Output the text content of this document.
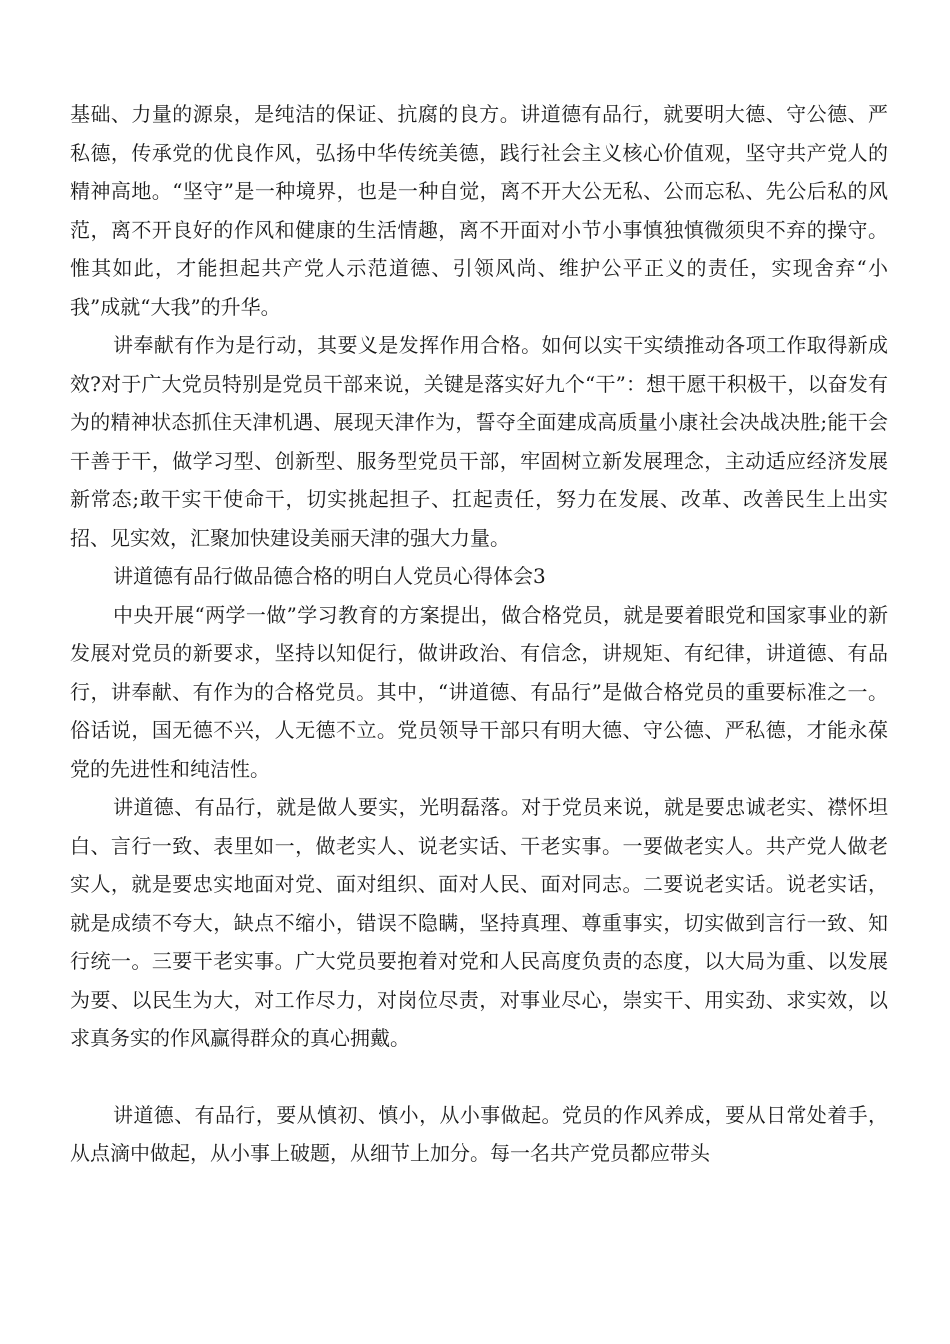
基础、力量的源泉，是纯洁的保证、抗腐的良方。讲道德有品行，就要明大德、守公德、严私德，传承党的优良作风，弘扬中华传统美德，践行社会主义核心价值观，坚守共产党人的精神高地。“坚守”是一种境界，也是一种自觉，离不开大公无私、公而忘私、先公后私的风范，离不开良好的作风和健康的生活情趣，离不开面对小节小事慎独慎微须臾不弃的操守。惟其如此，才能担起共产党人示范道德、引领风尚、维护公平正义的责任，实现舍弃“小我”成就“大我”的升华。

讲奉献有作为是行动，其要义是发挥作用合格。如何以实干实绩推动各项工作取得新成效?对于广大党员特别是党员干部来说，关键是落实好九个“干”：想干愿干积极干，以奋发有为的精神状态抓住天津机遇、展现天津作为，誓夺全面建成高质量小康社会决战决胜;能干会干善于干，做学习型、创新型、服务型党员干部，牢固树立新发展理念，主动适应经济发展新常态;敢干实干使命干，切实挑起担子、扛起责任，努力在发展、改革、改善民生上出实招、见实效，汇聚加快建设美丽天津的强大力量。

讲道德有品行做品德合格的明白人党员心得体会3

中央开展“两学一做”学习教育的方案提出，做合格党员，就是要着眼党和国家事业的新发展对党员的新要求，坚持以知促行，做讲政治、有信念，讲规矩、有纪律，讲道德、有品行，讲奉献、有作为的合格党员。其中，“讲道德、有品行”是做合格党员的重要标准之一。俗话说，国无德不兴，人无德不立。党员领导干部只有明大德、守公德、严私德，才能永葆党的先进性和纯洁性。

讲道德、有品行，就是做人要实，光明磊落。对于党员来说，就是要忠诚老实、襟怀坦白、言行一致、表里如一，做老实人、说老实话、干老实事。一要做老实人。共产党人做老实人，就是要忠实地面对党、面对组织、面对人民、面对同志。二要说老实话。说老实话，就是成绩不夸大，缺点不缩小，错误不隐瞒，坚持真理、尊重事实，切实做到言行一致、知行统一。三要干老实事。广大党员要抱着对党和人民高度负责的态度，以大局为重、以发展为要、以民生为大，对工作尽力，对岗位尽责，对事业尽心，崇实干、用实劲、求实效，以求真务实的作风赢得群众的真心拥戴。

讲道德、有品行，要从慎初、慎小，从小事做起。党员的作风养成，要从日常处着手，从点滴中做起，从小事上破题，从细节上加分。每一名共产党员都应带头
